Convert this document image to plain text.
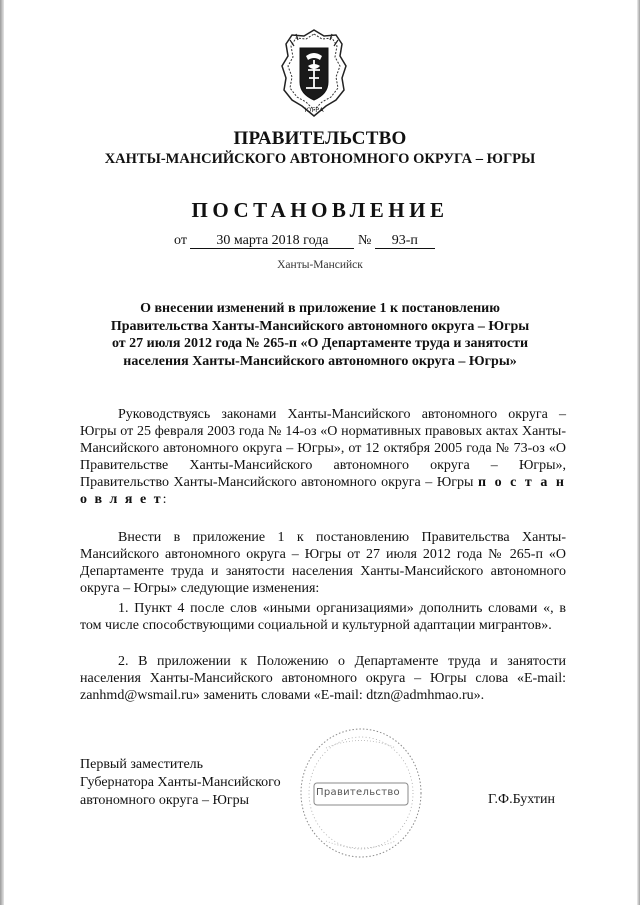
ЮГРА
ПРАВИТЕЛЬСТВО
ХАНТЫ-МАНСИЙСКОГО АВТОНОМНОГО ОКРУГА – ЮГРЫ
ПОСТАНОВЛЕНИЕ
от 30 марта 2018 года № 93-п
Ханты-Мансийск
О внесении изменений в приложение 1 к постановлению
Правительства Ханты-Мансийского автономного округа – Югры
от 27 июля 2012 года № 265-п «О Департаменте труда и занятости
населения Ханты-Мансийского автономного округа – Югры»
Руководствуясь законами Ханты-Мансийского автономного округа – Югры от 25 февраля 2003 года № 14-оз «О нормативных правовых актах Ханты-Мансийского автономного округа – Югры», от 12 октября 2005 года № 73-оз «О Правительстве Ханты-Мансийского автономного округа – Югры», Правительство Ханты-Мансийского автономного округа – Югры п о с т а н о в л я е т:
Внести в приложение 1 к постановлению Правительства Ханты-Мансийского автономного округа – Югры от 27 июля 2012 года № 265-п «О Департаменте труда и занятости населения Ханты-Мансийского автономного округа – Югры» следующие изменения:
1. Пункт 4 после слов «иными организациями» дополнить словами «, в том числе способствующими социальной и культурной адаптации мигрантов».
2. В приложении к Положению о Департаменте труда и занятости населения Ханты-Мансийского автономного округа – Югры слова «E-mail: zanhmd@wsmail.ru» заменить словами «E-mail: dtzn@admhmao.ru».
Первый заместитель
Губернатора Ханты-Мансийского
автономного округа – Югры
Правительство	Г.Ф.Бухтин
